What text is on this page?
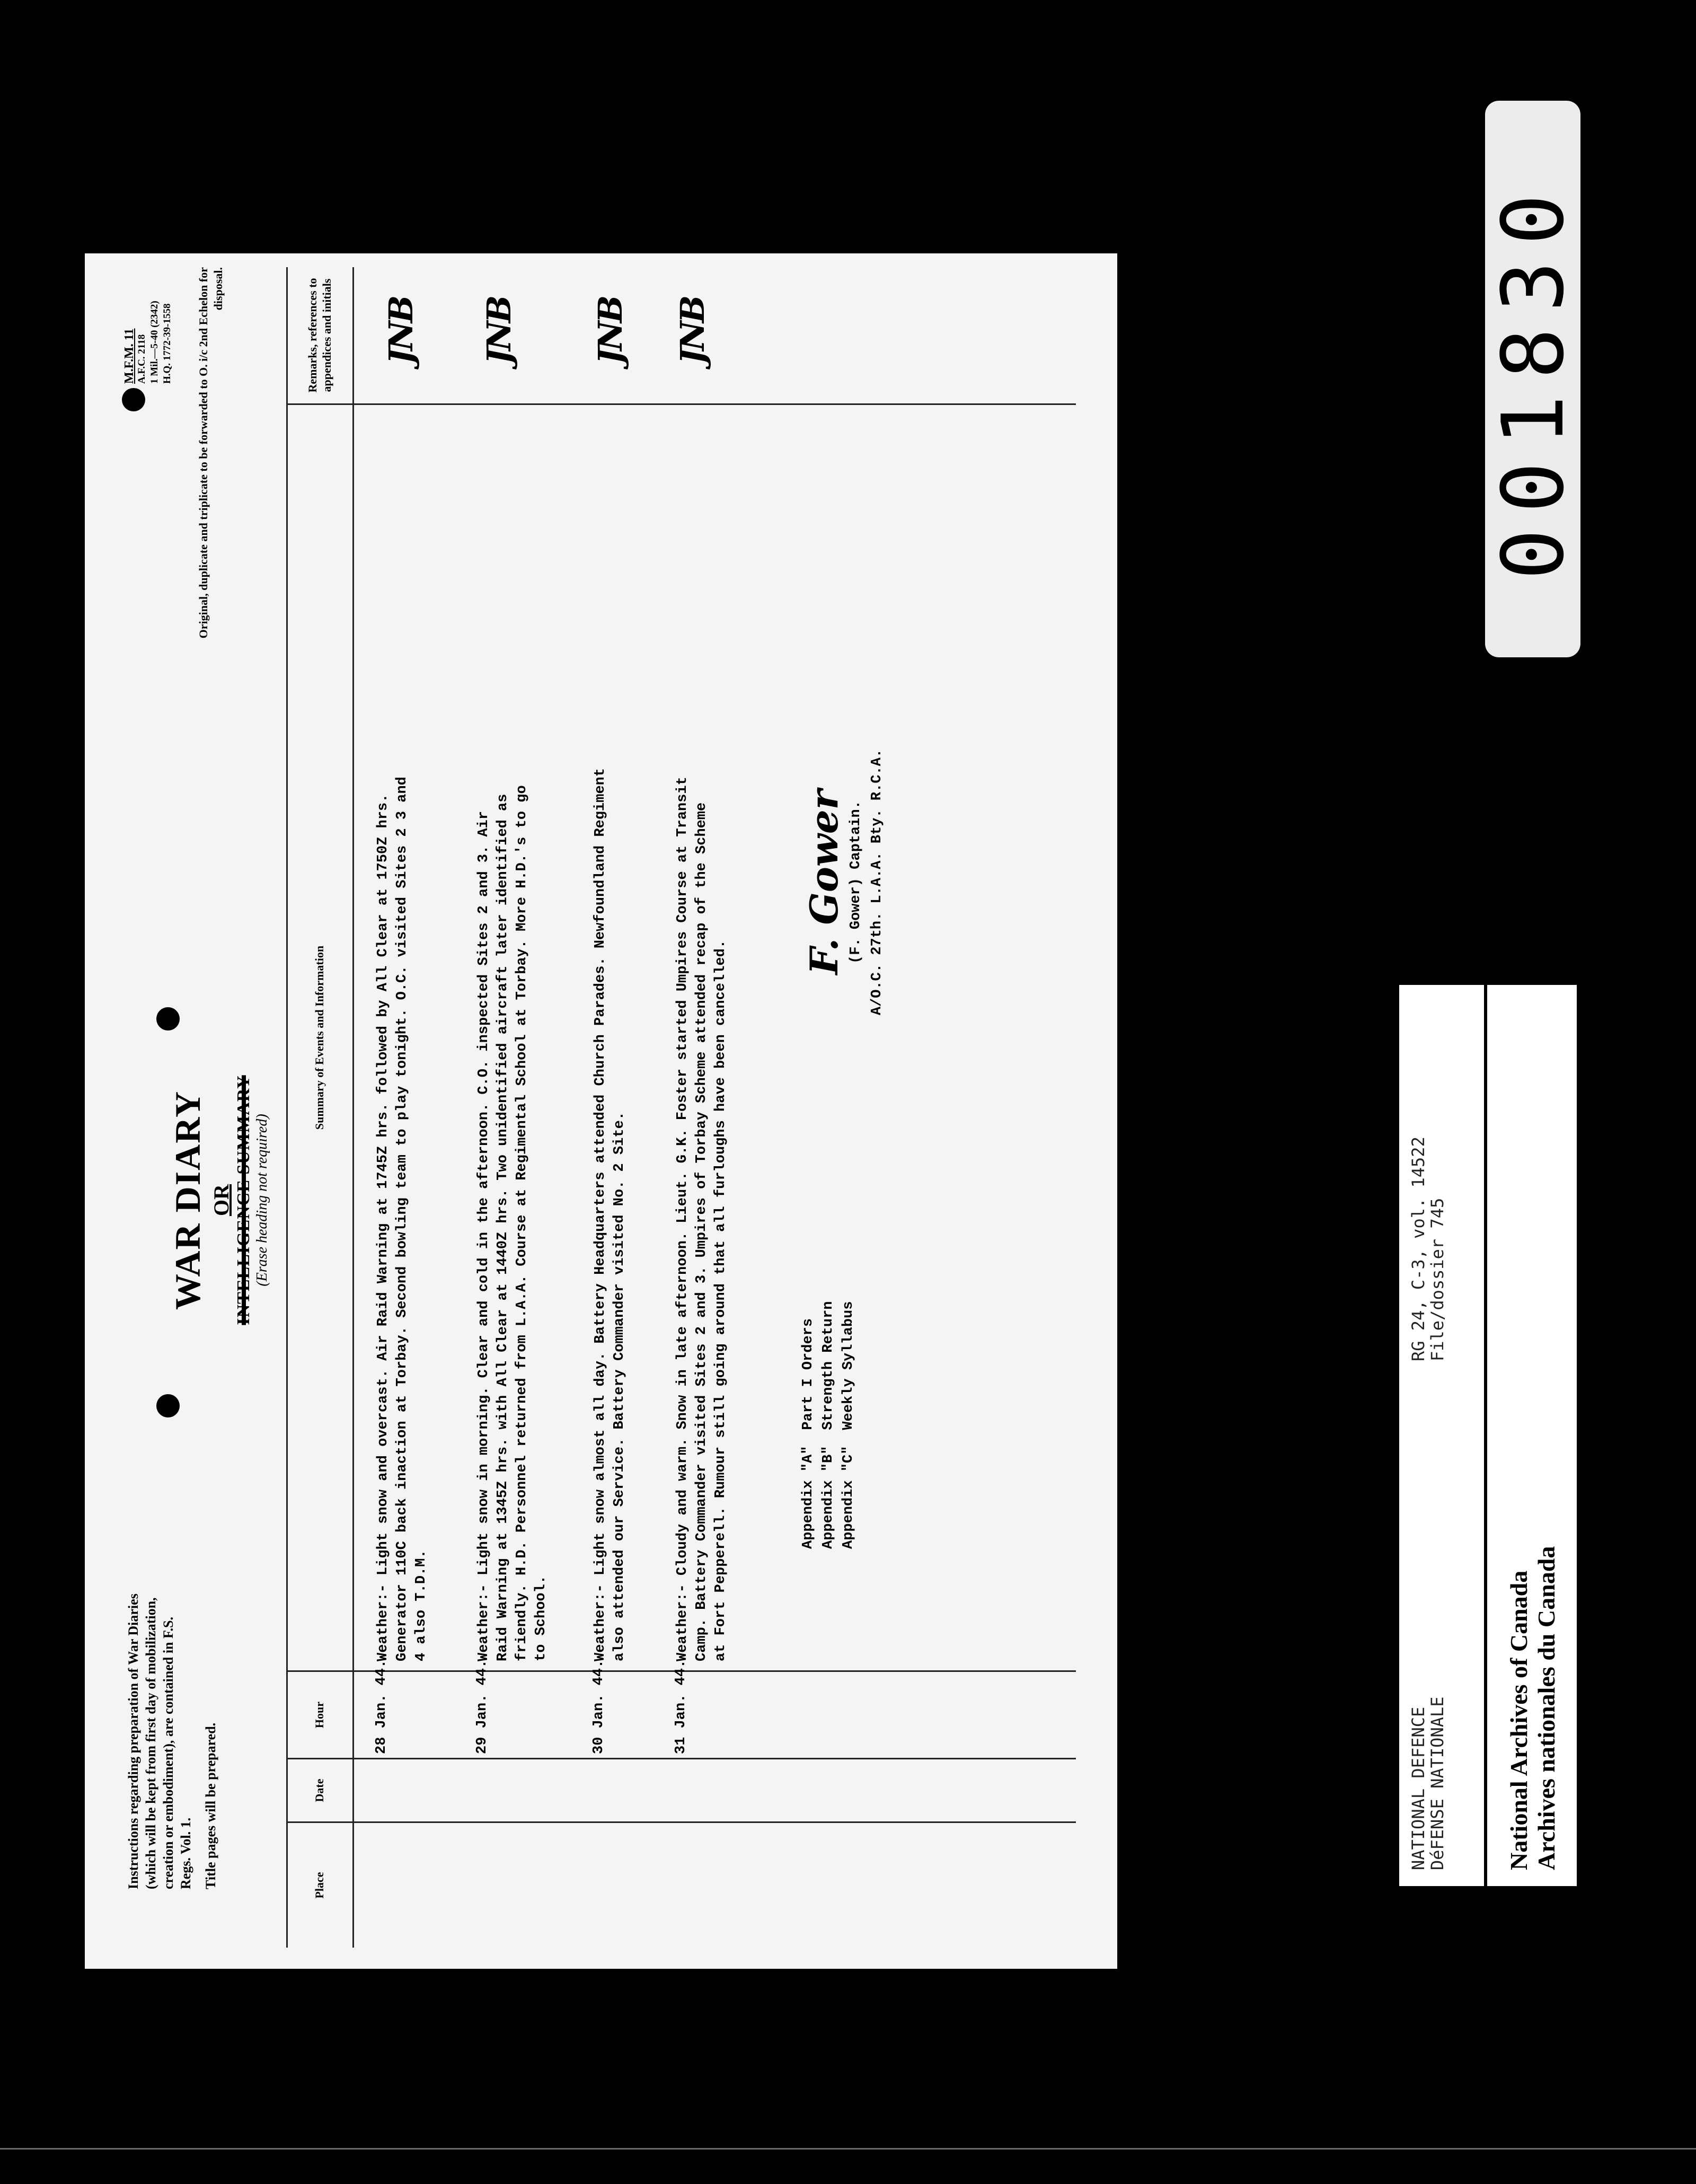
Instructions regarding preparation of War Diaries (which will be kept from first day of mobilization, creation or embodiment), are contained in F.S. Regs. Vol. 1. Title pages will be prepared.
WAR DIARY OR INTELLIGENCE SUMMARY (Erase heading not required)
M.F.M. 11 A.F.C. 2118 1 Mil.—5-40 (2342) H.Q. 1772-39-1558 Original, duplicate and triplicate to be forwarded to O. i/c 2nd Echelon for disposal.
Place
Date
Hour
Summary of Events and Information
Remarks, references to appendices and initials
28 Jan. 44.
Weather:- Light snow and overcast. Air Raid Warning at 1745Z hrs. followed by All Clear at 1750Z hrs. Generator 110C back inaction at Torbay. Second bowling team to play tonight. O.C. visited Sites 2 3 and 4 also T.D.M.
JNB
29 Jan. 44.
Weather:- Light snow in morning. Clear and cold in the afternoon. C.O. inspected Sites 2 and 3. Air Raid Warning at 1345Z hrs. with All Clear at 1440Z hrs. Two unidentified aircraft later identified as friendly. H.D. Personnel returned from L.A.A. Course at Regimental School at Torbay. More H.D.'s to go to School.
JNB
30 Jan. 44.
Weather:- Light snow almost all day. Battery Headquarters attended Church Parades. Newfoundland Regiment also attended our Service. Battery Commander visited No. 2 Site.
JNB
31 Jan. 44.
Weather:- Cloudy and warm. Snow in late afternoon. Lieut. G.K. Foster started Umpires Course at Transit Camp. Battery Commander visited Sites 2 and 3. Umpires of Torbay Scheme attended recap of the Scheme at Fort Pepperell. Rumour still going around that all furloughs have been cancelled.
JNB
Appendix "A"	Part I Orders
Appendix "B"	Strength Return
Appendix "C"	Weekly Syllabus
F. Gower (F. Gower) Captain. A/O.C. 27th. L.A.A. Bty. R.C.A.
001830
NATIONAL DEFENCE
DéFENSE NATIONALE
RG 24, C-3, vol. 14522
File/dossier 745
National Archives of Canada Archives nationales du Canada
